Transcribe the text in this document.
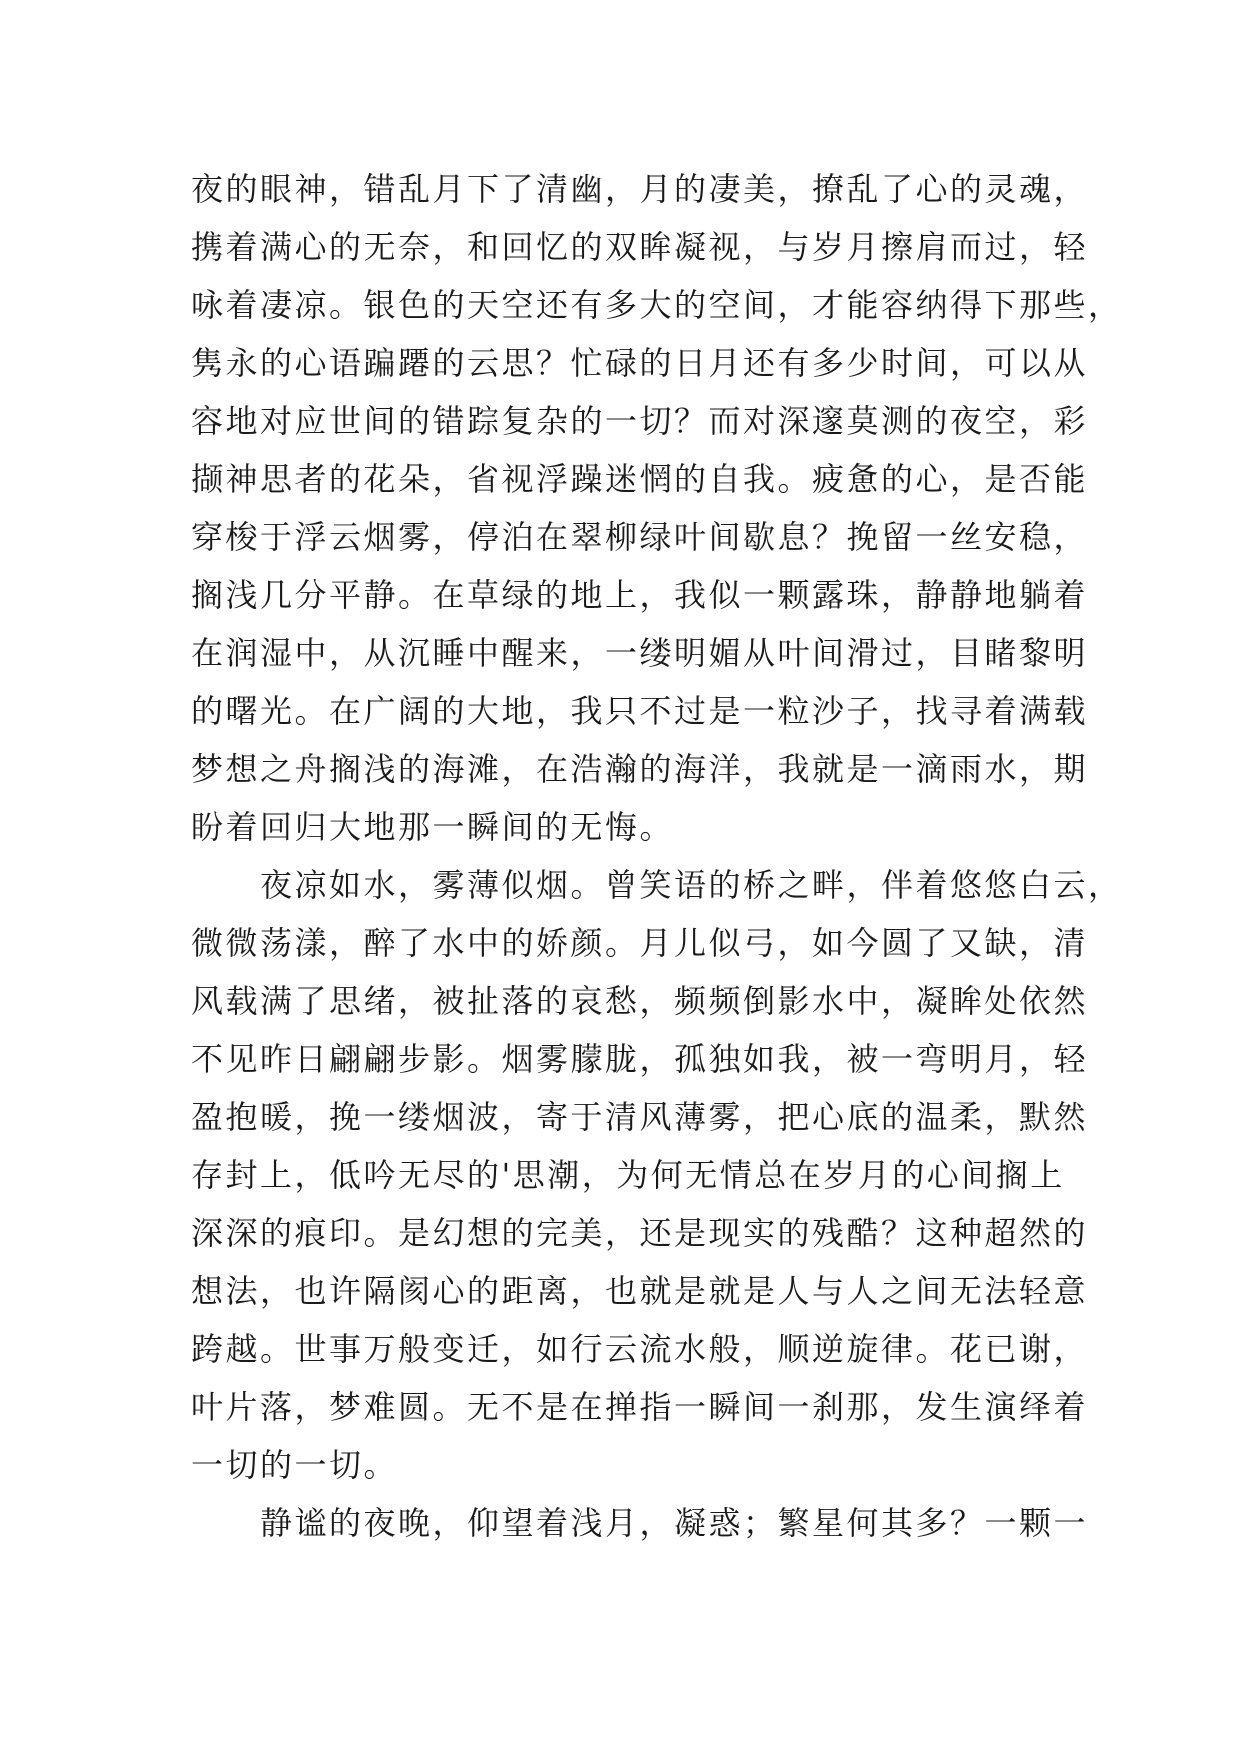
夜的眼神，错乱月下了清幽，月的凄美，撩乱了心的灵魂，
携着满心的无奈，和回忆的双眸凝视，与岁月擦肩而过，轻
咏着凄凉。银色的天空还有多大的空间，才能容纳得下那些，
隽永的心语蹁蹮的云思？忙碌的日月还有多少时间，可以从
容地对应世间的错踪复杂的一切？而对深邃莫测的夜空，彩
撷神思者的花朵，省视浮躁迷惘的自我。疲惫的心，是否能
穿梭于浮云烟雾，停泊在翠柳绿叶间歇息？挽留一丝安稳，
搁浅几分平静。在草绿的地上，我似一颗露珠，静静地躺着
在润湿中，从沉睡中醒来，一缕明媚从叶间滑过，目睹黎明
的曙光。在广阔的大地，我只不过是一粒沙子，找寻着满载
梦想之舟搁浅的海滩，在浩瀚的海洋，我就是一滴雨水，期
盼着回归大地那一瞬间的无悔。
　　夜凉如水，雾薄似烟。曾笑语的桥之畔，伴着悠悠白云，
微微荡漾，醉了水中的娇颜。月儿似弓，如今圆了又缺，清
风载满了思绪，被扯落的哀愁，频频倒影水中，凝眸处依然
不见昨日翩翩步影。烟雾朦胧，孤独如我，被一弯明月，轻
盈抱暖，挽一缕烟波，寄于清风薄雾，把心底的温柔，默然
存封上，低吟无尽的'思潮，为何无情总在岁月的心间搁上
深深的痕印。是幻想的完美，还是现实的残酷？这种超然的
想法，也许隔阂心的距离，也就是就是人与人之间无法轻意
跨越。世事万般变迁，如行云流水般，顺逆旋律。花已谢，
叶片落，梦难圆。无不是在掸指一瞬间一刹那，发生演绎着
一切的一切。
　　静谧的夜晚，仰望着浅月，凝惑；繁星何其多？一颗一
